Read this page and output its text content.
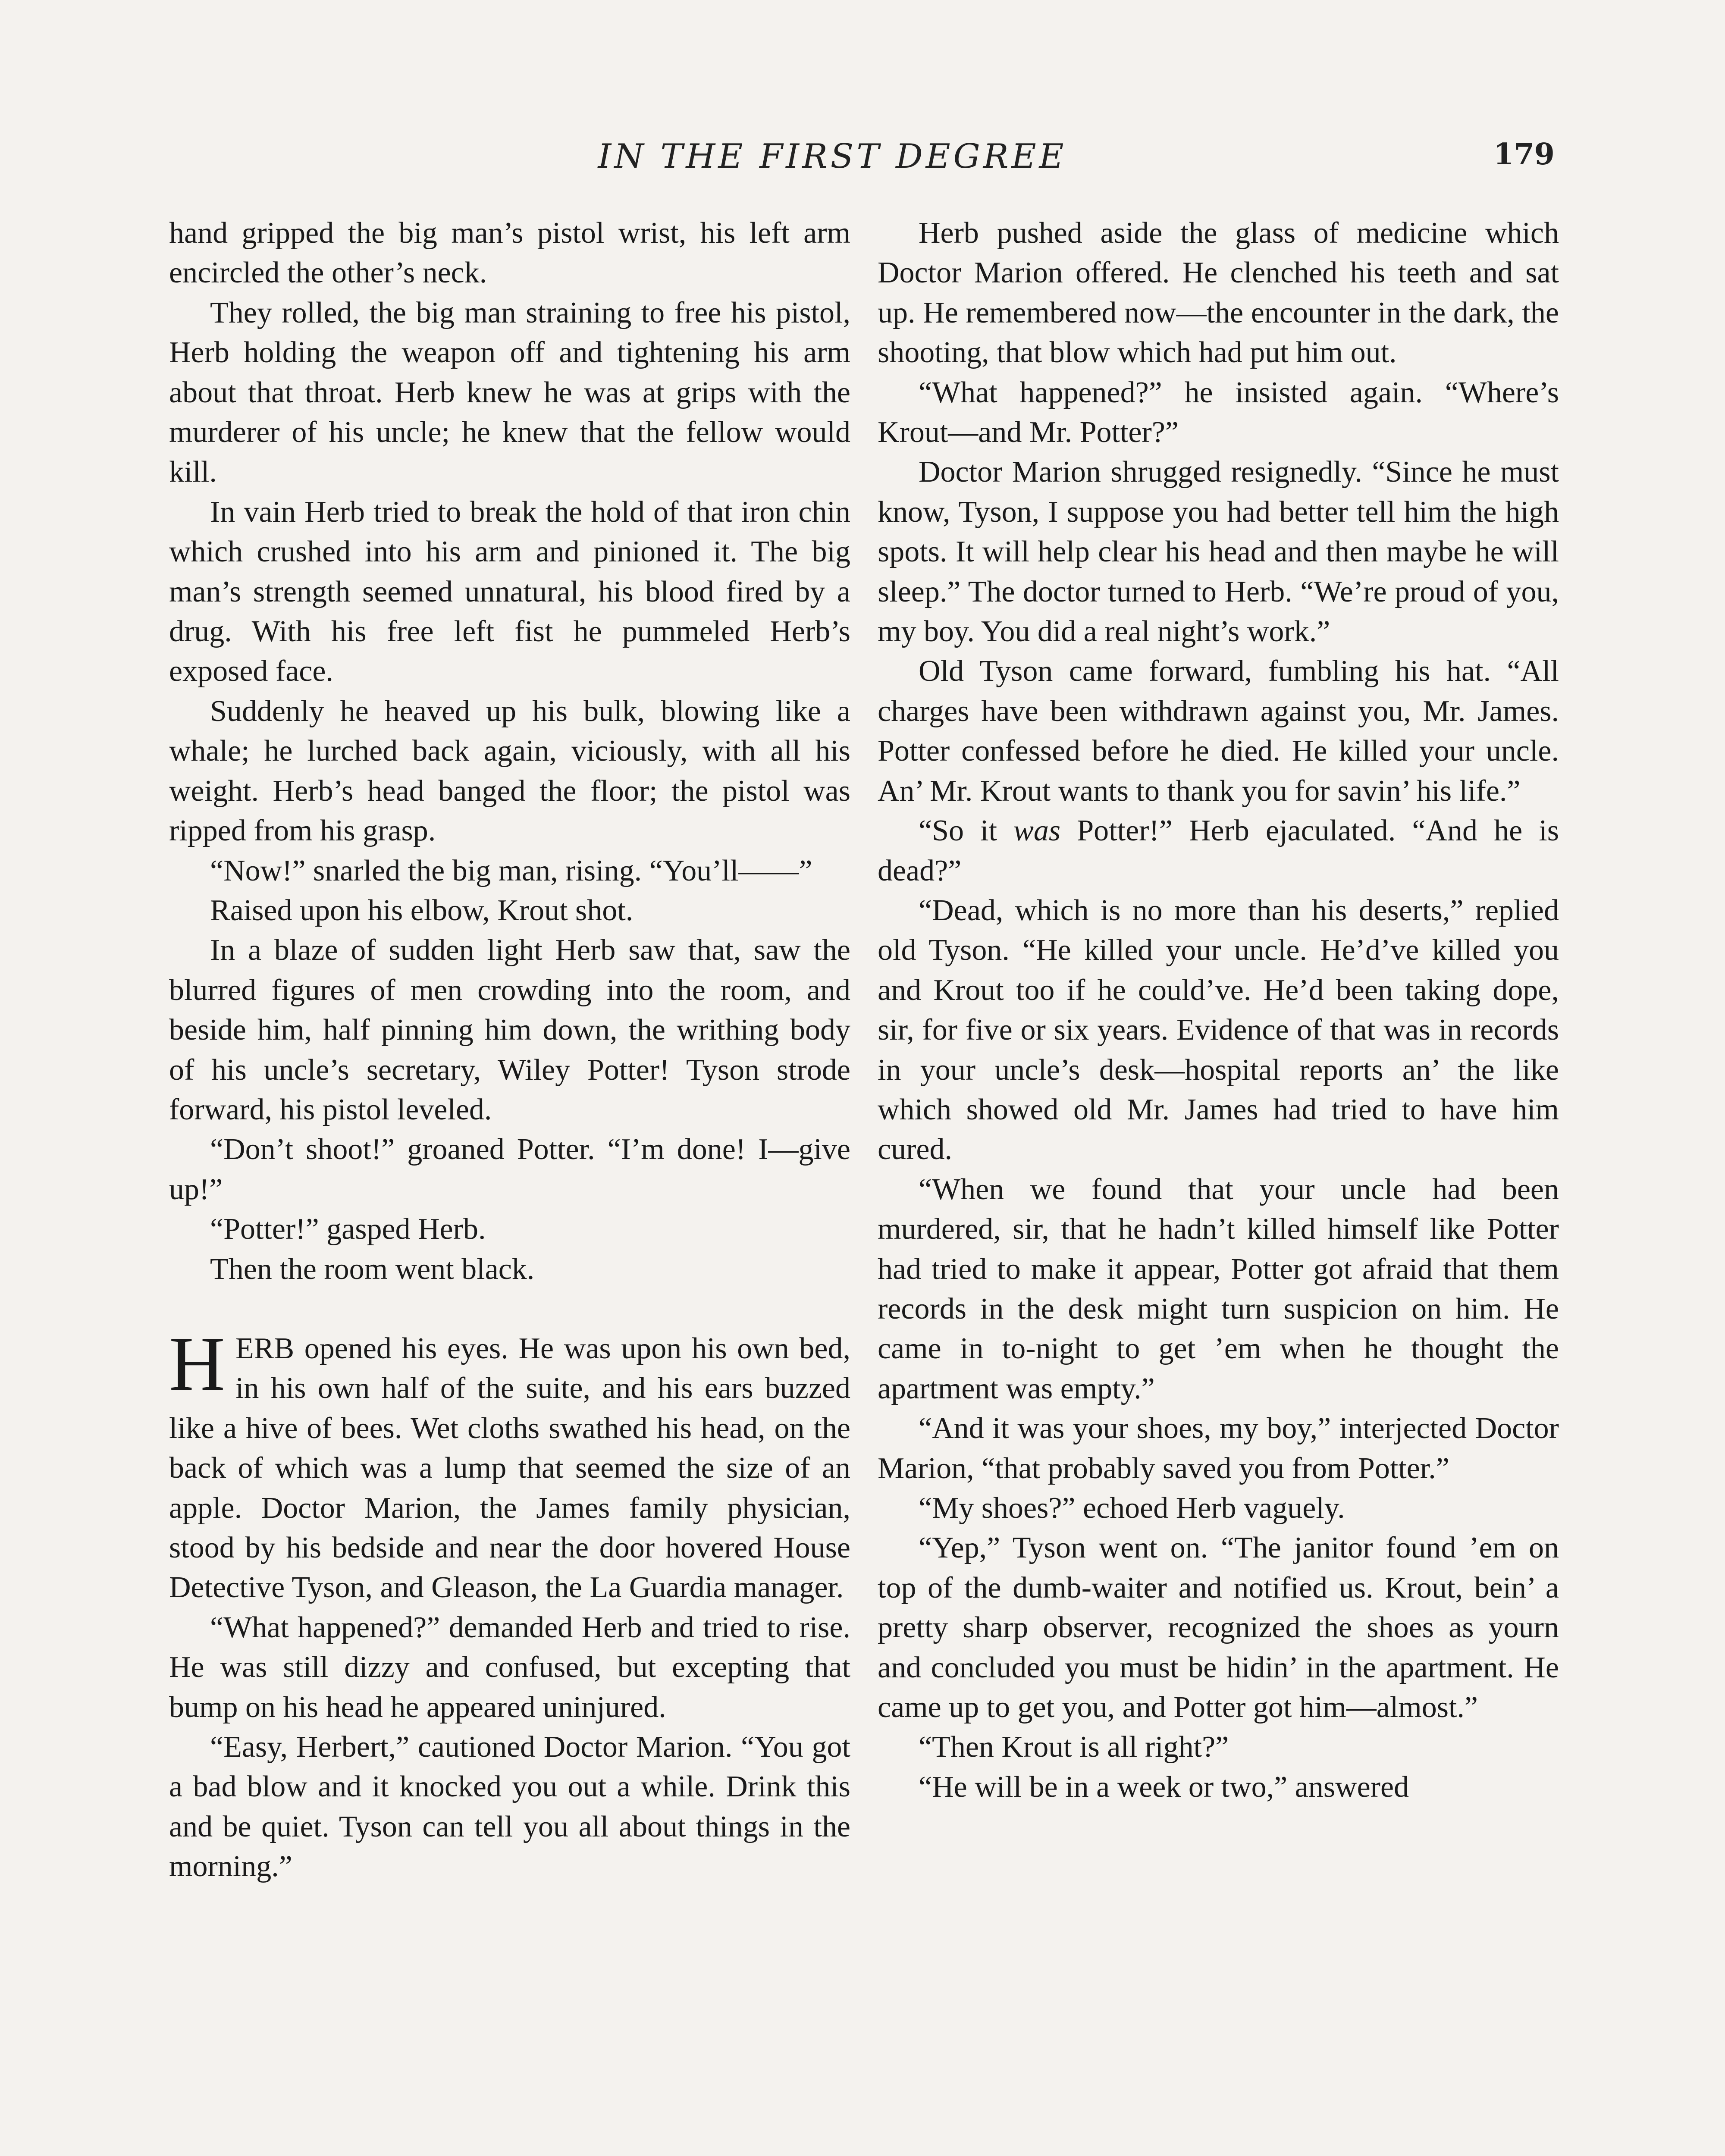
IN THE FIRST DEGREE	179

hand gripped the big man’s pistol wrist, his left arm encircled the other’s neck.

They rolled, the big man straining to free his pistol, Herb holding the weapon off and tightening his arm about that throat. Herb knew he was at grips with the murderer of his uncle; he knew that the fellow would kill.

In vain Herb tried to break the hold of that iron chin which crushed into his arm and pinioned it. The big man’s strength seemed unnatural, his blood fired by a drug. With his free left fist he pummeled Herb’s exposed face.

Suddenly he heaved up his bulk, blowing like a whale; he lurched back again, viciously, with all his weight. Herb’s head banged the floor; the pistol was ripped from his grasp.

“Now!” snarled the big man, rising. “You’ll——”

Raised upon his elbow, Krout shot.

In a blaze of sudden light Herb saw that, saw the blurred figures of men crowding into the room, and beside him, half pinning him down, the writhing body of his uncle’s secretary, Wiley Potter! Tyson strode forward, his pistol leveled.

“Don’t shoot!” groaned Potter. “I’m done! I—give up!”

“Potter!” gasped Herb.

Then the room went black.

HERB opened his eyes. He was upon his own bed, in his own half of the suite, and his ears buzzed like a hive of bees. Wet cloths swathed his head, on the back of which was a lump that seemed the size of an apple. Doctor Marion, the James family physician, stood by his bedside and near the door hovered House Detective Tyson, and Gleason, the La Guardia manager.

“What happened?” demanded Herb and tried to rise. He was still dizzy and confused, but excepting that bump on his head he appeared uninjured.

“Easy, Herbert,” cautioned Doctor Marion. “You got a bad blow and it knocked you out a while. Drink this and be quiet. Tyson can tell you all about things in the morning.”

Herb pushed aside the glass of medicine which Doctor Marion offered. He clenched his teeth and sat up. He remembered now—the encounter in the dark, the shooting, that blow which had put him out.

“What happened?” he insisted again. “Where’s Krout—and Mr. Potter?”

Doctor Marion shrugged resignedly. “Since he must know, Tyson, I suppose you had better tell him the high spots. It will help clear his head and then maybe he will sleep.” The doctor turned to Herb. “We’re proud of you, my boy. You did a real night’s work.”

Old Tyson came forward, fumbling his hat. “All charges have been withdrawn against you, Mr. James. Potter confessed before he died. He killed your uncle. An’ Mr. Krout wants to thank you for savin’ his life.”

“So it was Potter!” Herb ejaculated. “And he is dead?”

“Dead, which is no more than his deserts,” replied old Tyson. “He killed your uncle. He’d’ve killed you and Krout too if he could’ve. He’d been taking dope, sir, for five or six years. Evidence of that was in records in your uncle’s desk—hospital reports an’ the like which showed old Mr. James had tried to have him cured.

“When we found that your uncle had been murdered, sir, that he hadn’t killed himself like Potter had tried to make it appear, Potter got afraid that them records in the desk might turn suspicion on him. He came in to-night to get ’em when he thought the apartment was empty.”

“And it was your shoes, my boy,” interjected Doctor Marion, “that probably saved you from Potter.”

“My shoes?” echoed Herb vaguely.

“Yep,” Tyson went on. “The janitor found ’em on top of the dumb-waiter and notified us. Krout, bein’ a pretty sharp observer, recognized the shoes as yourn and concluded you must be hidin’ in the apartment. He came up to get you, and Potter got him—almost.”

“Then Krout is all right?”

“He will be in a week or two,” answered
